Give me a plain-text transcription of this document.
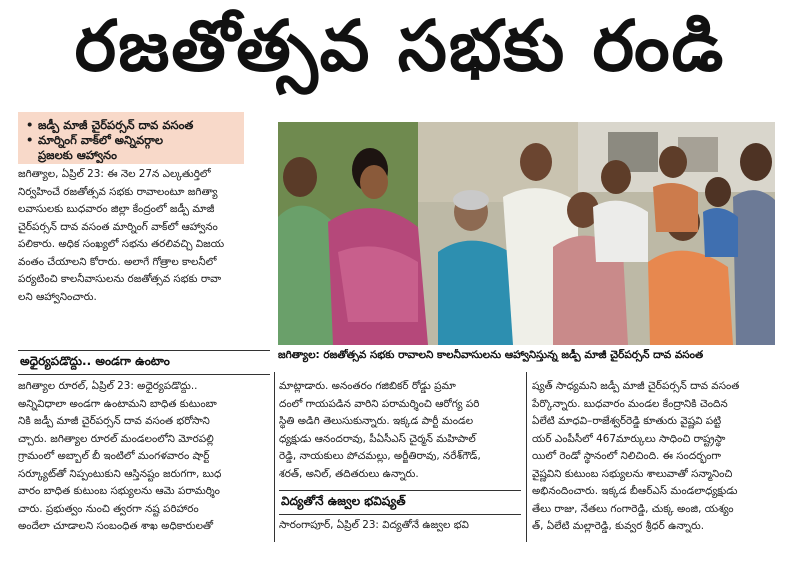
రజతోత్సవ సభకు రండి
• జడ్పీ మాజీ చైర్‌పర్సన్ దావ వసంత
• మార్నింగ్ వాక్‌లో అన్నివర్గాల
ప్రజలకు ఆహ్వానం

జగిత్యాల, ఏప్రిల్ 23: ఈ నెల 27న ఎల్కతుర్తిలో

నిర్వహించే రజతోత్సవ సభకు రావాలంటూ జగిత్యా

లవాసులకు బుధవారం జిల్లా కేంద్రంలో జడ్పీ మాజీ

చైర్‌పర్సన్ దావ వసంత మార్నింగ్ వాక్‌లో ఆహ్వానం

పలికారు. అధిక సంఖ్యలో సభను తరలివచ్చి విజయ

వంతం చేయాలని కోరారు. అలాగే గోత్రాల కాలనీలో

పర్యటించి కాలనీవాసులను రజతోత్సవ సభకు రావా

లని ఆహ్వానించారు.

జగిత్యాల: రజతోత్సవ సభకు రావాలని కాలనీవాసులను ఆహ్వానిస్తున్న జడ్పీ మాజీ చైర్‌పర్సన్ దావ వసంత
అధైర్యపడొద్దు.. అండగా ఉంటాం

జగిత్యాల రూరల్, ఏప్రిల్ 23: అధైర్యపడొద్దు..

అన్నివిధాలా అండగా ఉంటామని బాధిత కుటుంబా

నికి జడ్పీ మాజీ చైర్‌పర్సన్ దావ వసంత భరోసాని

చ్చారు. జగిత్యాల రూరల్ మండలంలోని మోరపల్లి

గ్రామంలో అబ్బాల్ బీ ఇంటిలో మంగళవారం షార్ట్

సర్క్యూట్‌తో నిప్పంటుకుని ఆస్తినష్టం జరుగగా, బుధ

వారం బాధిత కుటుంబ సభ్యులను ఆమె పరామర్శిం

చారు. ప్రభుత్వం నుంచి త్వరగా నష్ట పరిహారం

అందేలా చూడాలని సంబంధిత శాఖ అధికారులతో

మాట్లాడారు. అనంతరం గజిబికర్ రోడ్డు ప్రమా

దంలో గాయపడిన వారిని పరామర్శించి ఆరోగ్య పరి

స్థితి అడిగి తెలుసుకున్నారు. ఇక్కడ పార్టీ మండల

ధ్యక్షుడు ఆనందరావు, పీఏసీఎస్ చైర్మన్ మహిపాల్

రెడ్డి, నాయకులు పోచమల్లు, అర్జీతిరావు, నరేశ్‌గౌడ్,

శరత్, అనిల్, తదితరులు ఉన్నారు.

విద్యతోనే ఉజ్వల భవిష్యత్

సారంగాపూర్, ఏప్రిల్ 23: విద్యతోనే ఉజ్వల భవి

ష్యత్ సాధ్యమని జడ్పీ మాజీ చైర్‌పర్సన్ దావ వసంత

పేర్కొన్నారు. బుధవారం మండల కేంద్రానికి చెందిన

ఏలేటి మాధవి–రాజేశ్వర్‌రెడ్డి కూతురు వైష్ణవి పట్టి

యర్ ఎంపీసీలో 467మార్కులు సాధించి రాష్ట్రస్థా

యిలో రెండో స్థానంలో నిలిచింది. ఈ సందర్భంగా

వైష్ణవిని కుటుంబ సభ్యులను శాలువాతో సన్మానించి

అభినందించారు. ఇక్కడ బీఆర్ఎస్ మండలాధ్యక్షుడు

తేలు రాజు, నేతలు గంగారెడ్డి, చుక్క అంజి, యశ్యం

త్, ఏలేటి మల్లారెడ్డి, కువ్వర శ్రీధర్ ఉన్నారు.
